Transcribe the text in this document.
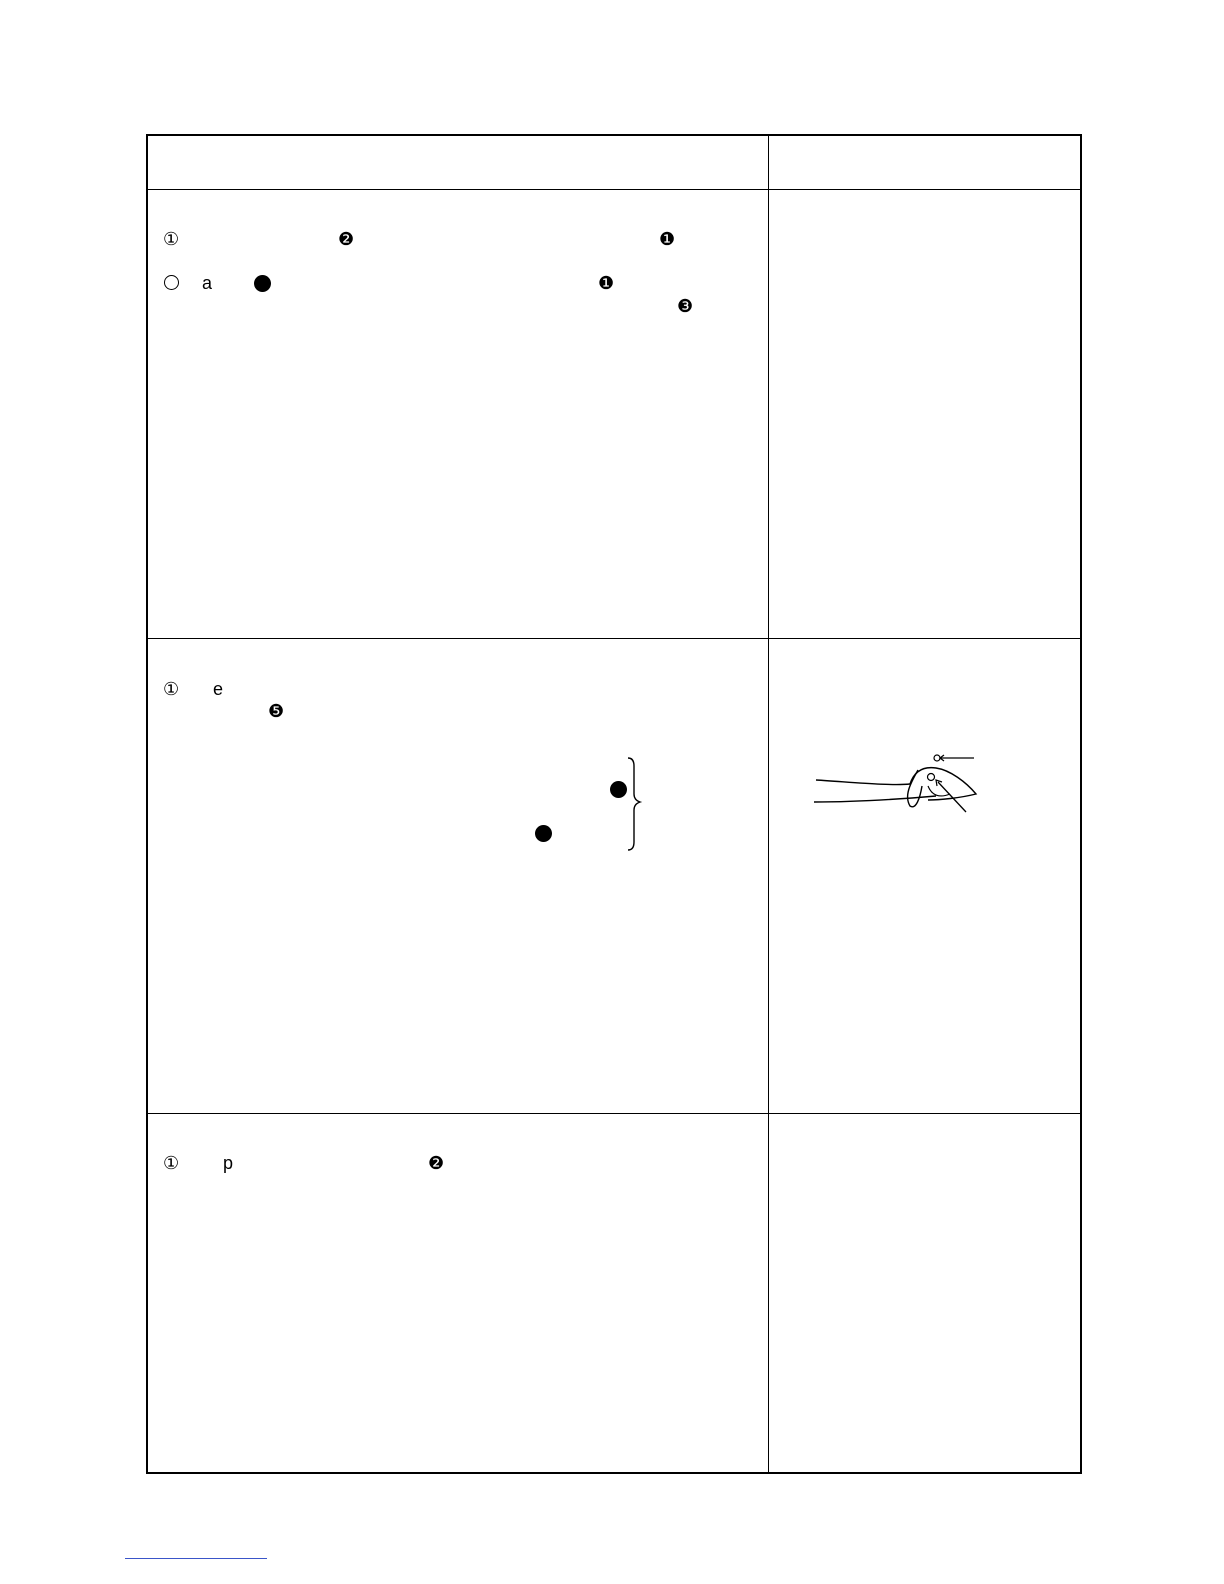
①	❷	❶
a	❶
❸
① e
❺
① p	❷
